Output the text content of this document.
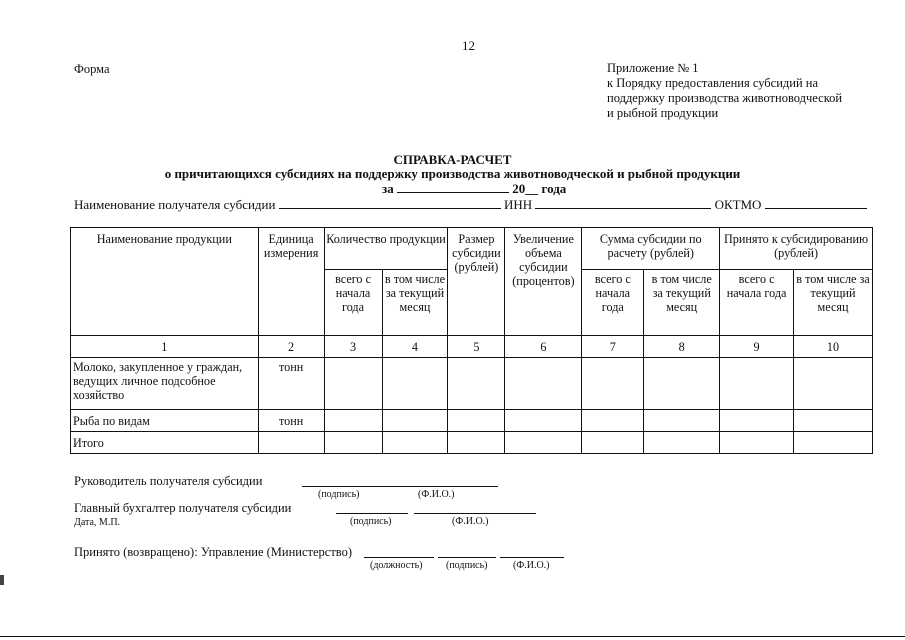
12
Форма	Приложение № 1
к Порядку предоставления субсидий на
поддержку производства животноводческой
и рыбной продукции
СПРАВКА-РАСЧЕТ
о причитающихся субсидиях на поддержку производства животноводческой и рыбной продукции
за	20__ года
Наименование получателя субсидии	ИНН	ОКТМО
Наименование продукции	Единица измерения	Количество продукции		Размер субсидии (рублей)	Увеличение объема субсидии (процентов)	Сумма субсидии по расчету (рублей)		Принято к субсидированию (рублей)	
		всего с начала года	в том числе за текущий месяц			всего с начала года	в том числе за текущий месяц	всего с начала года	в том числе за текущий месяц
1	2	3	4	5	6	7	8	9	10
Молоко, закупленное у граждан, ведущих личное подсобное хозяйство	тонн								
Рыба по видам	тонн								
Итого									
Руководитель получателя субсидии
(подпись)	(Ф.И.О.)
Главный бухгалтер получателя субсидии
Дата, М.П.	(подпись)	(Ф.И.О.)
Принято (возвращено): Управление (Министерство)
(должность) (подпись)	(Ф.И.О.)
